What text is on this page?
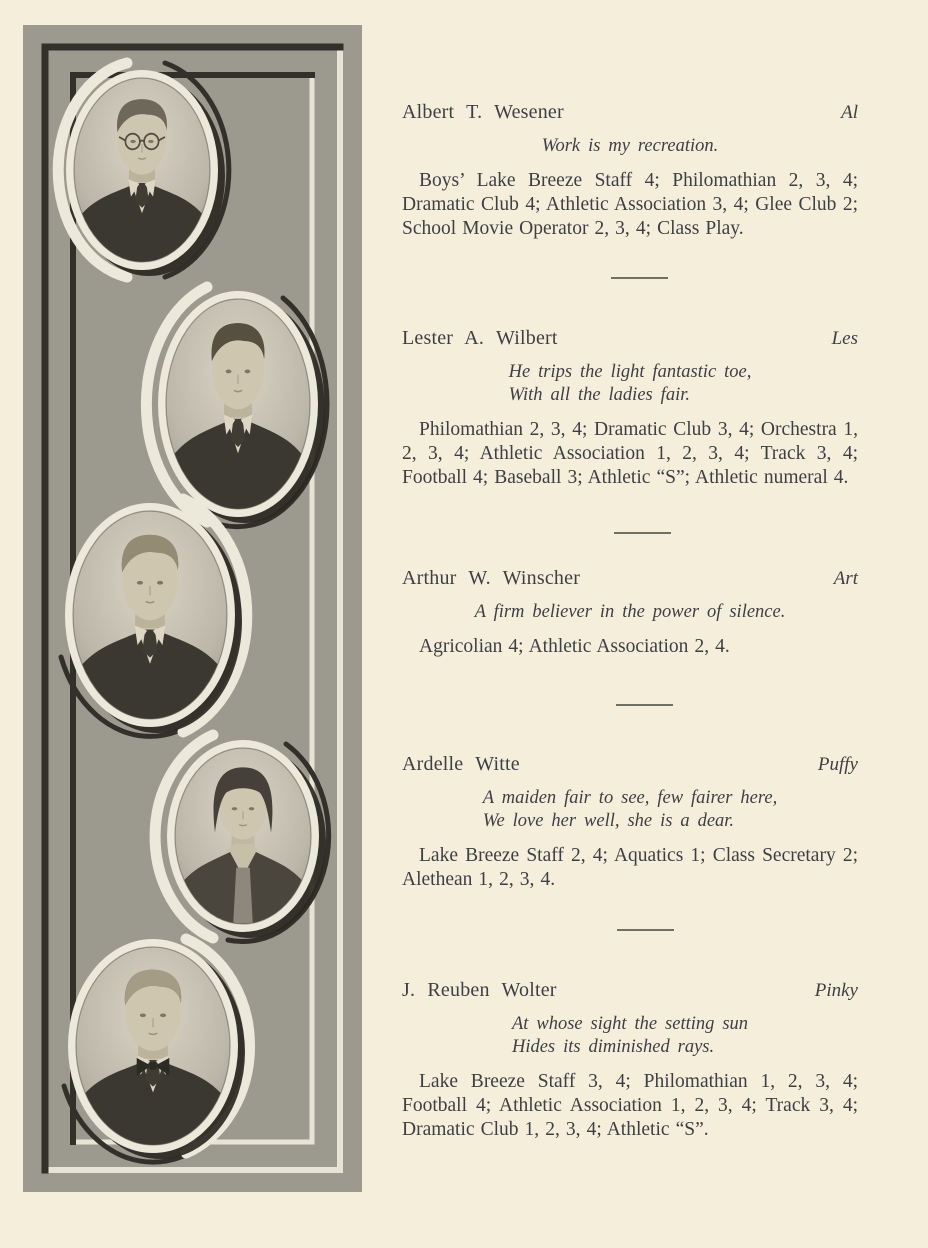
Albert T. Wesener	Al
Work is my recreation.

Boys’ Lake Breeze Staff 4; Philomathian 2, 3, 4; Dramatic Club 4; Athletic Association 3, 4; Glee Club 2; School Movie Operator 2, 3, 4; Class Play.

Lester A. Wilbert	Les
He trips the light fantastic toe,
With all the ladies fair.

Philomathian 2, 3, 4; Dramatic Club 3, 4; Orchestra 1, 2, 3, 4; Athletic Association 1, 2, 3, 4; Track 3, 4; Football 4; Baseball 3; Athletic “S”; Athletic numeral 4.

Arthur W. Winscher	Art
A firm believer in the power of silence.

Agricolian 4; Athletic Association 2, 4.

Ardelle Witte	Puffy
A maiden fair to see, few fairer here,
We love her well, she is a dear.

Lake Breeze Staff 2, 4; Aquatics 1; Class Secretary 2; Alethean 1, 2, 3, 4.

J. Reuben Wolter	Pinky
At whose sight the setting sun
Hides its diminished rays.

Lake Breeze Staff 3, 4; Philomathian 1, 2, 3, 4; Football 4; Athletic Association 1, 2, 3, 4; Track 3, 4; Dramatic Club 1, 2, 3, 4; Athletic “S”.
